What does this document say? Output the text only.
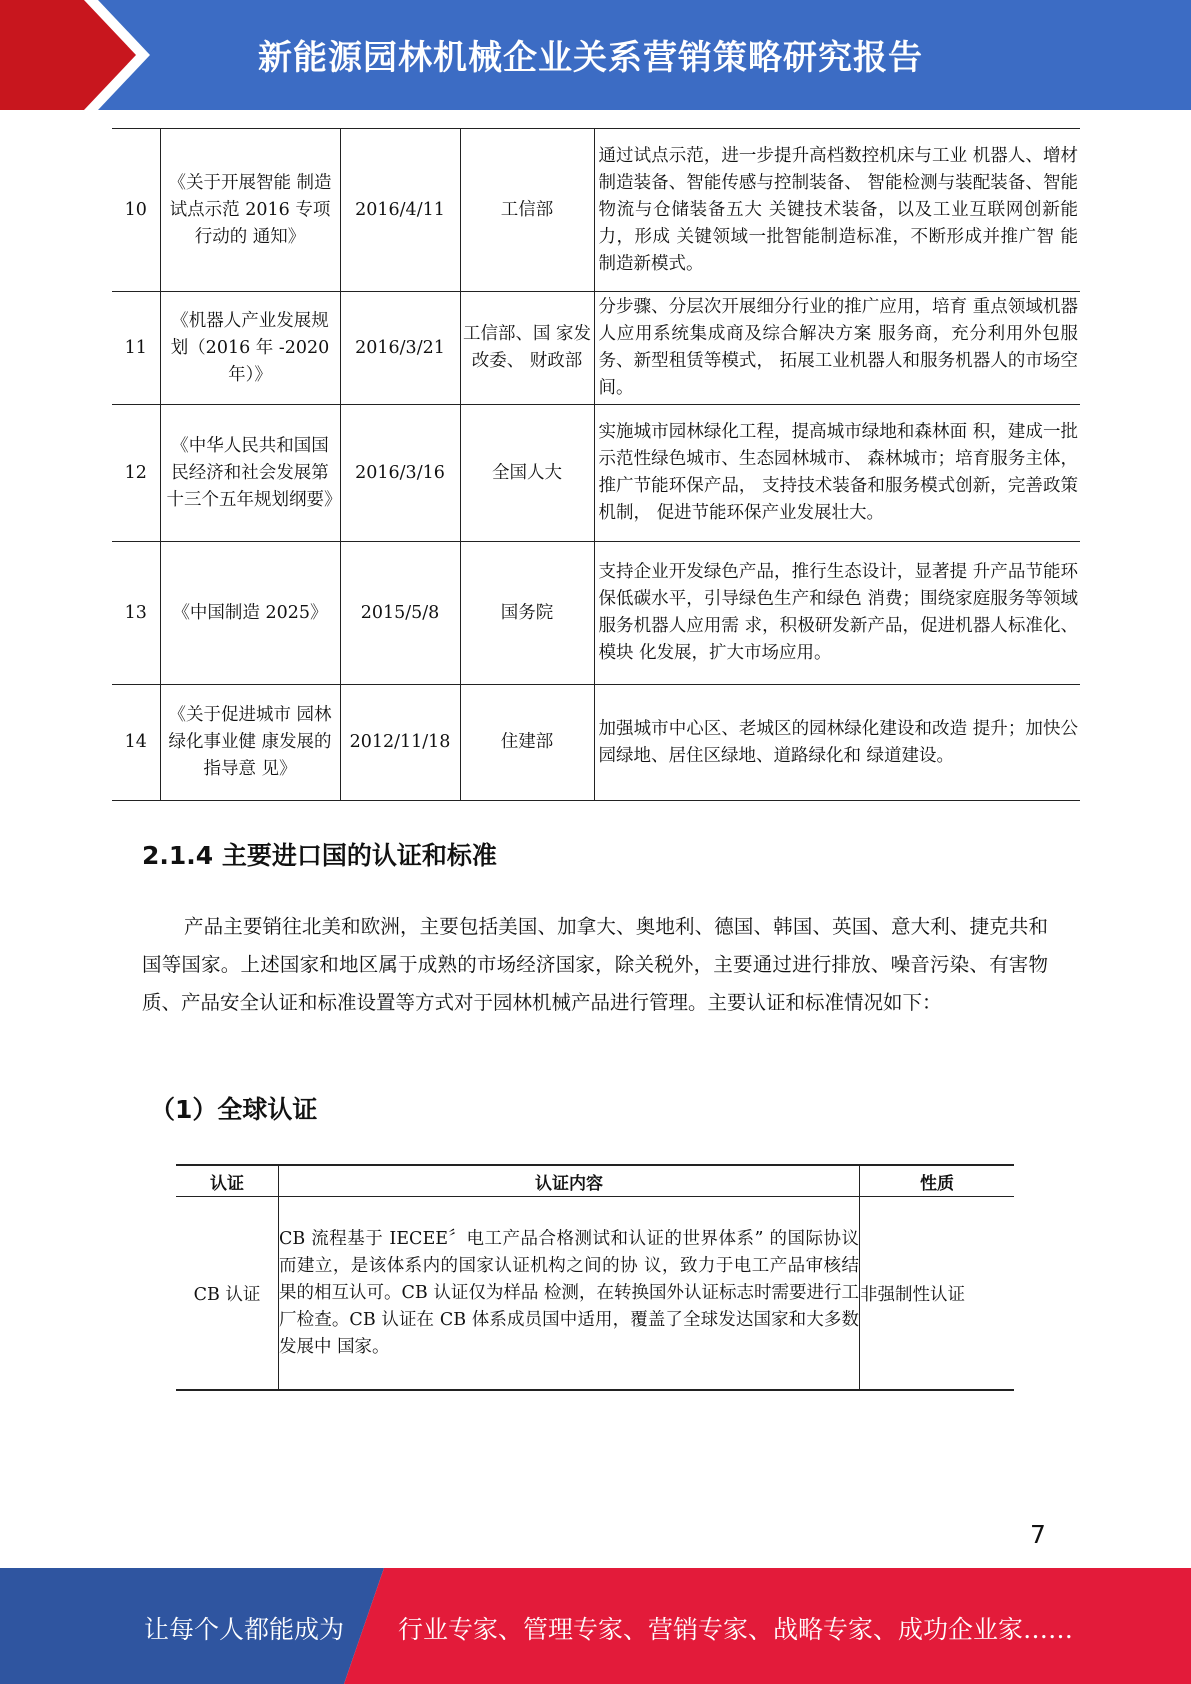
新能源园林机械企业关系营销策略研究报告
10	《关于开展智能 制造试点示范 2016 专项行动的 通知》	2016/4/11	工信部	通过试点示范，进一步提升高档数控机床与工业 机器人、增材制造装备、智能传感与控制装备、 智能检测与装配装备、智能物流与仓储装备五大 关键技术装备，以及工业互联网创新能力，形成 关键领域一批智能制造标准，不断形成并推广智 能制造新模式。
11	《机器人产业发展规划（2016 年 -2020 年）》	2016/3/21	工信部、国 家发改委、 财政部	分步骤、分层次开展细分行业的推广应用，培育 重点领域机器人应用系统集成商及综合解决方案 服务商，充分利用外包服务、新型租赁等模式， 拓展工业机器人和服务机器人的市场空间。
12	《中华人民共和国国民经济和社会发展第十三个五年规划纲要》	2016/3/16	全国人大	实施城市园林绿化工程，提高城市绿地和森林面 积，建成一批示范性绿色城市、生态园林城市、 森林城市；培育服务主体，推广节能环保产品， 支持技术装备和服务模式创新，完善政策机制， 促进节能环保产业发展壮大。
13	《中国制造 2025》	2015/5/8	国务院	支持企业开发绿色产品，推行生态设计，显著提 升产品节能环保低碳水平，引导绿色生产和绿色 消费；围绕家庭服务等领域服务机器人应用需 求，积极研发新产品，促进机器人标准化、模块 化发展，扩大市场应用。
14	《关于促进城市 园林绿化事业健 康发展的指导意 见》	2012/11/18	住建部	加强城市中心区、老城区的园林绿化建设和改造 提升；加快公园绿地、居住区绿地、道路绿化和 绿道建设。
2.1.4 主要进口国的认证和标准
产品主要销往北美和欧洲，主要包括美国、加拿大、奥地利、德国、韩国、英国、意大利、捷克共和国等国家。上述国家和地区属于成熟的市场经济国家，除关税外，主要通过进行排放、噪音污染、有害物质、产品安全认证和标准设置等方式对于园林机械产品进行管理。主要认证和标准情况如下：
（1）全球认证
认证	认证内容	性质
CB 认证	CB 流程基于 IECEE〞电工产品合格测试和认证的世界体系” 的国际协议而建立，是该体系内的国家认证机构之间的协 议，致力于电工产品审核结果的相互认可。CB 认证仅为样品 检测，在转换国外认证标志时需要进行工厂检查。CB 认证在 CB 体系成员国中适用，覆盖了全球发达国家和大多数发展中 国家。	非强制性认证
7
让每个人都能成为 行业专家、管理专家、营销专家、战略专家、成功企业家……
